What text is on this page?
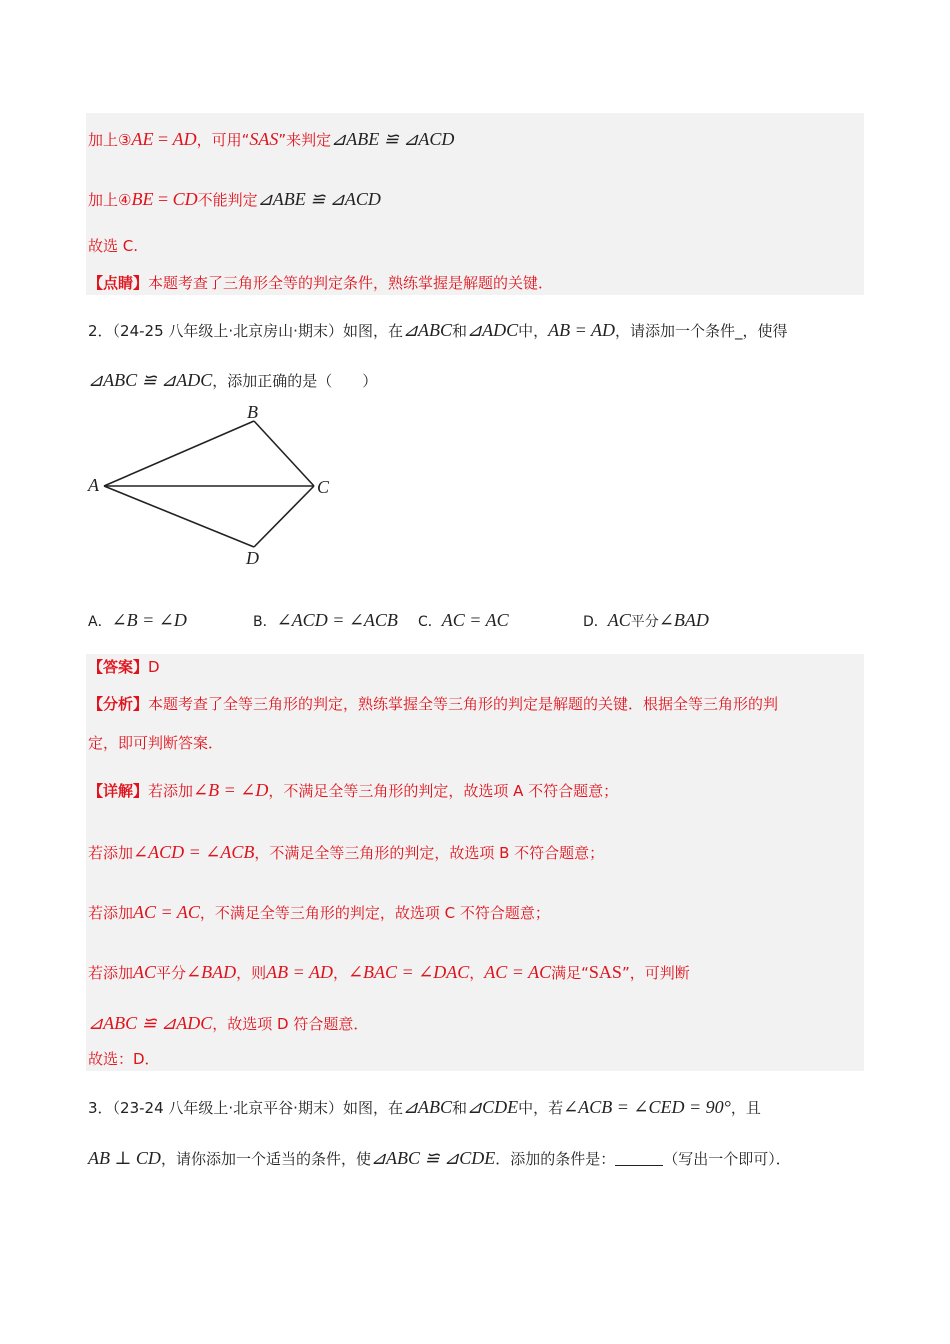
加上③AE = AD，可用“SAS”来判定⊿ABE ≌ ⊿ACD
加上④BE = CD不能判定⊿ABE ≌ ⊿ACD
故选 C.
【点睛】本题考查了三角形全等的判定条件，熟练掌握是解题的关键．
2．（24-25 八年级上·北京房山·期末）如图，在⊿ABC和⊿ADC中，AB = AD，请添加一个条件_，使得
⊿ABC ≌ ⊿ADC，添加正确的是（　　）
A
B
C
D
A．∠B = ∠D	B．∠ACD = ∠ACB C．AC = AC	D．AC平分∠BAD
【答案】D
【分析】本题考查了全等三角形的判定，熟练掌握全等三角形的判定是解题的关键．根据全等三角形的判
定，即可判断答案．
【详解】若添加∠B = ∠D，不满足全等三角形的判定，故选项 A 不符合题意；
若添加∠ACD = ∠ACB，不满足全等三角形的判定，故选项 B 不符合题意；
若添加AC = AC，不满足全等三角形的判定，故选项 C 不符合题意；
若添加AC平分∠BAD，则AB = AD，∠BAC = ∠DAC，AC = AC满足“SAS”，可判断
⊿ABC ≌ ⊿ADC，故选项 D 符合题意．
故选：D．
3．（23-24 八年级上·北京平谷·期末）如图，在⊿ABC和⊿CDE中，若∠ACB = ∠CED = 90°，且
AB ⊥ CD，请你添加一个适当的条件，使⊿ABC ≌ ⊿CDE．添加的条件是：	（写出一个即可）．
